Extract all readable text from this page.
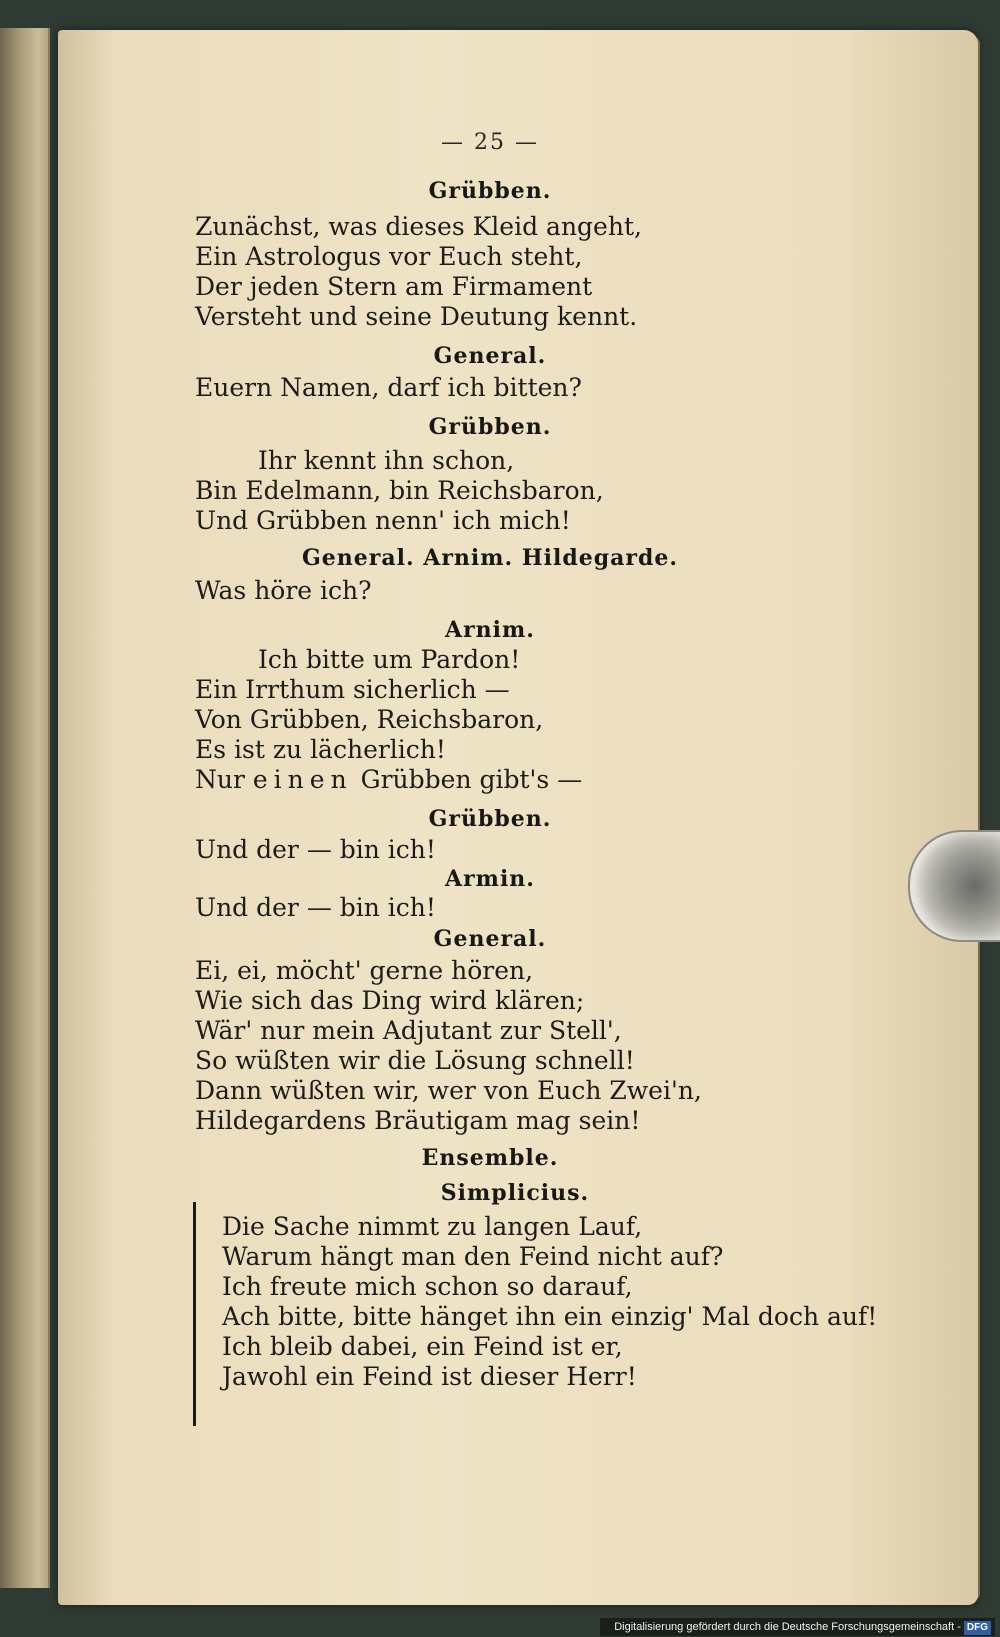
— 25 —
Grübben.
Zunächst, was dieses Kleid angeht,
Ein Astrologus vor Euch steht,
Der jeden Stern am Firmament
Versteht und seine Deutung kennt.
General.
Euern Namen, darf ich bitten?
Grübben.
Ihr kennt ihn schon,
Bin Edelmann, bin Reichsbaron,
Und Grübben nenn' ich mich!
General. Arnim. Hildegarde.
Was höre ich?
Arnim.
Ich bitte um Pardon!
Ein Irrthum sicherlich —
Von Grübben, Reichsbaron,
Es ist zu lächerlich!
Nur einen Grübben gibt's —
Grübben.
Und der — bin ich!
Armin.
Und der — bin ich!
General.
Ei, ei, möcht' gerne hören,
Wie sich das Ding wird klären;
Wär' nur mein Adjutant zur Stell',
So wüßten wir die Lösung schnell!
Dann wüßten wir, wer von Euch Zwei'n,
Hildegardens Bräutigam mag sein!
Ensemble.
Simplicius.
Die Sache nimmt zu langen Lauf,
Warum hängt man den Feind nicht auf?
Ich freute mich schon so darauf,
Ach bitte, bitte hänget ihn ein einzig' Mal doch auf!
Ich bleib dabei, ein Feind ist er,
Jawohl ein Feind ist dieser Herr!
Digitalisierung gefördert durch die Deutsche Forschungsgemeinschaft - DFG
